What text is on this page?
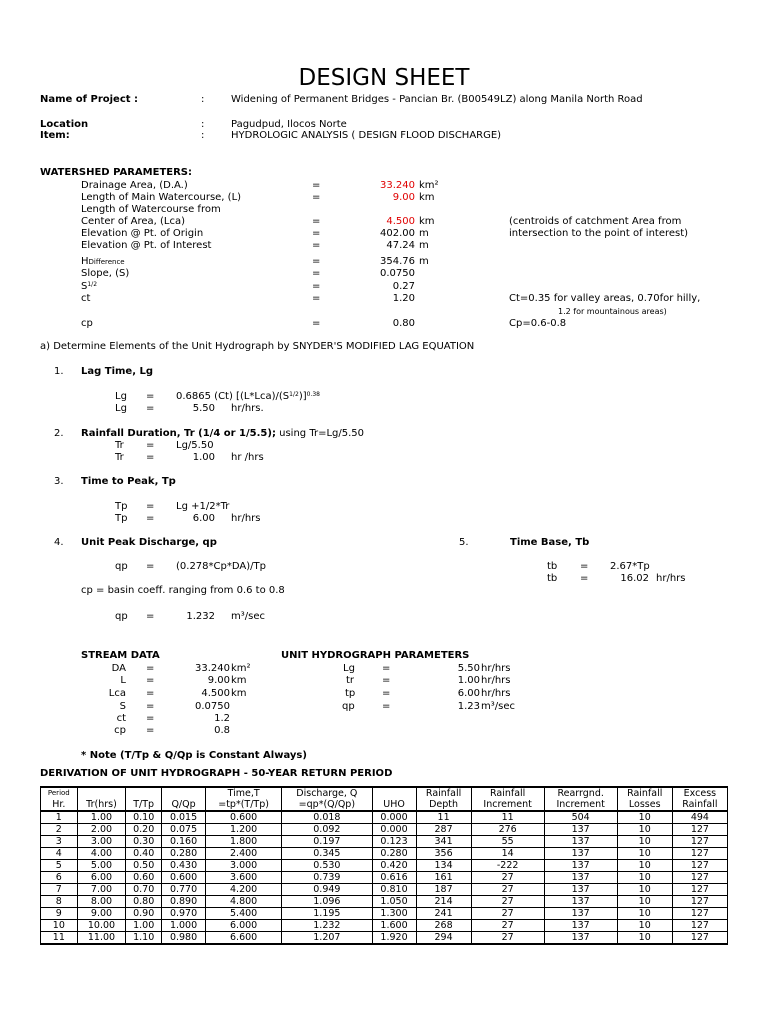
DESIGN SHEET
Name of Project :	:	Widening of Permanent Bridges - Pancian Br. (B00549LZ) along Manila North Road
Location	:	Pagudpud, Ilocos Norte
Item:	:	HYDROLOGIC ANALYSIS ( DESIGN FLOOD DISCHARGE)
WATERSHED PARAMETERS:
Drainage Area, (D.A.)	=	33.240 km²
Length of Main Watercourse, (L)	=	9.00 km
Length of Watercourse from
Center of Area, (Lca)	=	4.500 km	(centroids of catchment Area from
Elevation @ Pt. of Origin	=	402.00 m	intersection to the point of interest)
Elevation @ Pt. of Interest	=	47.24 m
HDifference	=	354.76 m
Slope, (S)	=	0.0750
$S^{1/2}$	=	0.27
ct	=	1.20	Ct=0.35 for valley areas, 0.70for hilly,
1.2 for mountainous areas)
cp	=	0.80	Cp=0.6-0.8
a) Determine Elements of the Unit Hydrograph by SNYDER'S MODIFIED LAG EQUATION
1. Lag Time, Lg
Lg = 0.6865 (Ct) $[(L*Lca)/(S^{1/2})]^{0.38}$
Lg =	5.50 hr/hrs.
2. Rainfall Duration, Tr (1/4 or 1/5.5); using Tr=Lg/5.50
Tr = Lg/5.50
Tr =	1.00 hr /hrs
3. Time to Peak, Tp
Tp = Lg +1/2*Tr
Tp =	6.00 hr/hrs
4. Unit Peak Discharge, qp
qp = (0.278*Cp*DA)/Tp
cp = basin coeff. ranging from 0.6 to 0.8
qp =	1.232 m³/sec
5.	Time Base, Tb
tb = 2.67*Tp
tb =	16.02 hr/hrs
STREAM DATA
DA =	33.240 km²
L =	9.00 km
Lca =	4.500 km
S =	0.0750
ct =	1.2
cp =	0.8
UNIT HYDROGRAPH PARAMETERS
Lg	=	5.50 hr/hrs
tr	=	1.00 hr/hrs
tp	=	6.00 hr/hrs
qp	=	1.23 m³/sec
* Note (T/Tp & Q/Qp is Constant Always)
DERIVATION OF UNIT HYDROGRAPH - 50-YEAR RETURN PERIOD
Period				Time,T	Discharge, Q		Rainfall	Rainfall	Rearrgnd.	Rainfall	Excess
Hr.	Tr(hrs)	T/Tp	Q/Qp	=tp*(T/Tp)	=qp*(Q/Qp)	UHO	Depth	Increment	Increment	Losses	Rainfall
1	1.00	0.10	0.015	0.600	0.018	0.000	11	11	504	10	494
2	2.00	0.20	0.075	1.200	0.092	0.000	287	276	137	10	127
3	3.00	0.30	0.160	1.800	0.197	0.123	341	55	137	10	127
4	4.00	0.40	0.280	2.400	0.345	0.280	356	14	137	10	127
5	5.00	0.50	0.430	3.000	0.530	0.420	134	-222	137	10	127
6	6.00	0.60	0.600	3.600	0.739	0.616	161	27	137	10	127
7	7.00	0.70	0.770	4.200	0.949	0.810	187	27	137	10	127
8	8.00	0.80	0.890	4.800	1.096	1.050	214	27	137	10	127
9	9.00	0.90	0.970	5.400	1.195	1.300	241	27	137	10	127
10	10.00	1.00	1.000	6.000	1.232	1.600	268	27	137	10	127
11	11.00	1.10	0.980	6.600	1.207	1.920	294	27	137	10	127
